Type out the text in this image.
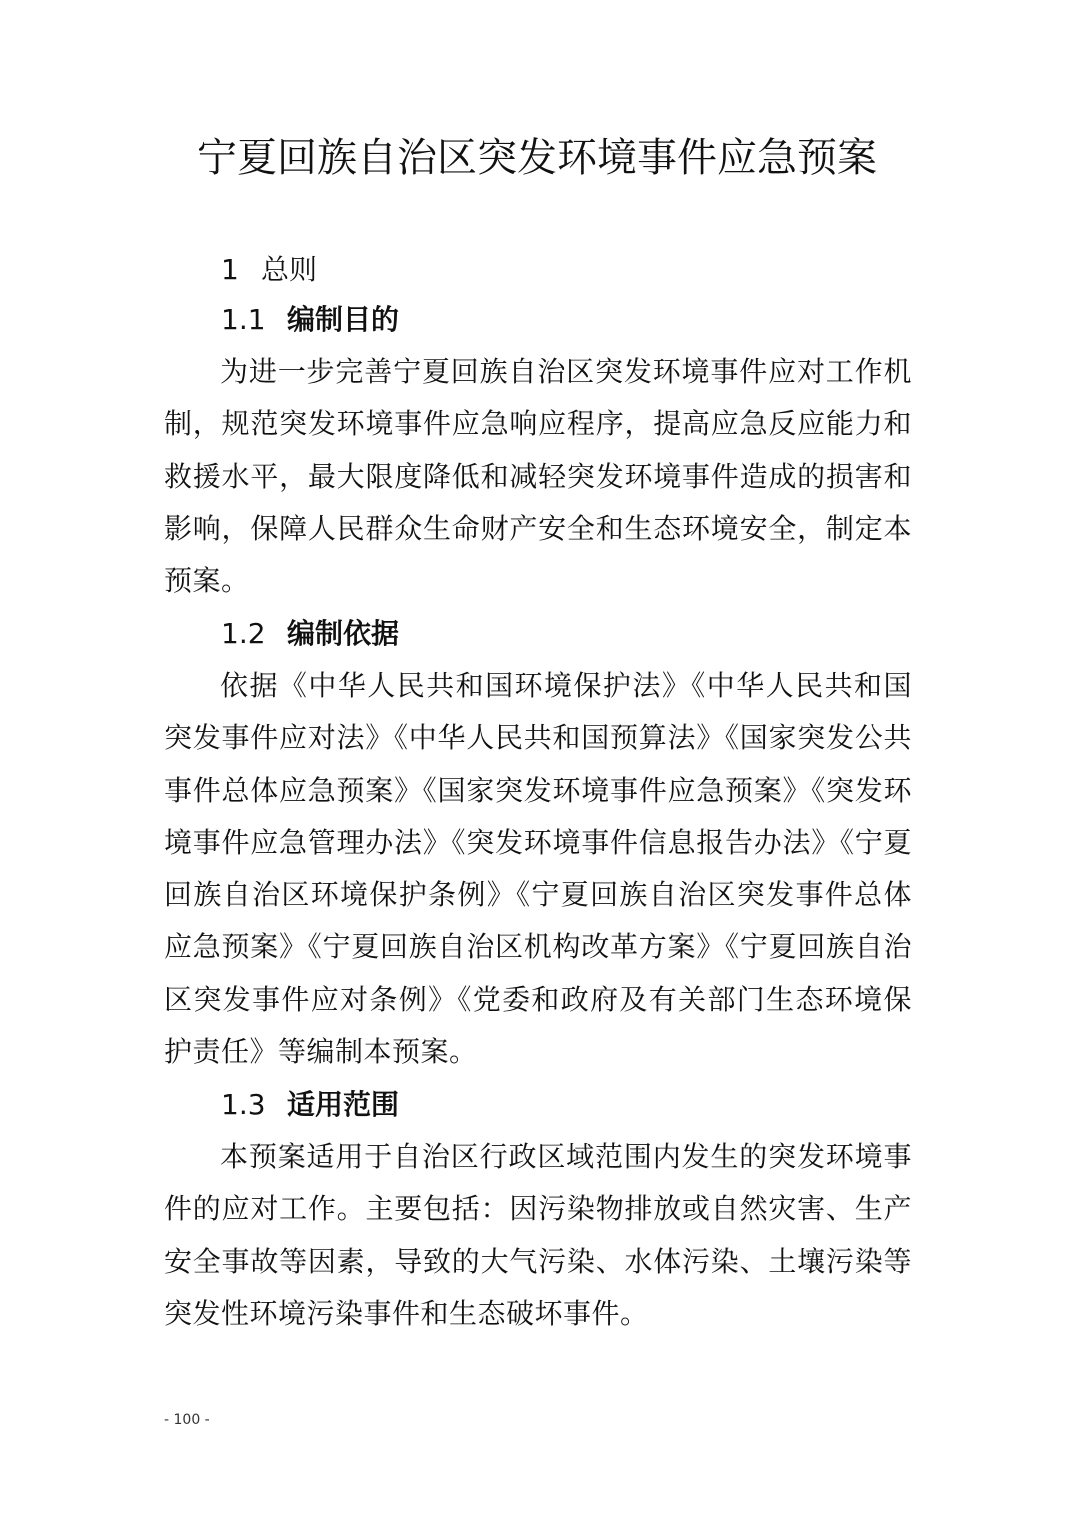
宁夏回族自治区突发环境事件应急预案
1 总则
1.1 编制目的

为进一步完善宁夏回族自治区突发环境事件应对工作机制，规范突发环境事件应急响应程序，提高应急反应能力和救援水平，最大限度降低和减轻突发环境事件造成的损害和影响，保障人民群众生命财产安全和生态环境安全，制定本预案。

1.2 编制依据

依据《中华人民共和国环境保护法》《中华人民共和国突发事件应对法》《中华人民共和国预算法》《国家突发公共事件总体应急预案》《国家突发环境事件应急预案》《突发环境事件应急管理办法》《突发环境事件信息报告办法》《宁夏回族自治区环境保护条例》《宁夏回族自治区突发事件总体应急预案》《宁夏回族自治区机构改革方案》《宁夏回族自治区突发事件应对条例》《党委和政府及有关部门生态环境保护责任》等编制本预案。

1.3 适用范围

本预案适用于自治区行政区域范围内发生的突发环境事件的应对工作。主要包括：因污染物排放或自然灾害、生产安全事故等因素，导致的大气污染、水体污染、土壤污染等突发性环境污染事件和生态破坏事件。

- 100 -
